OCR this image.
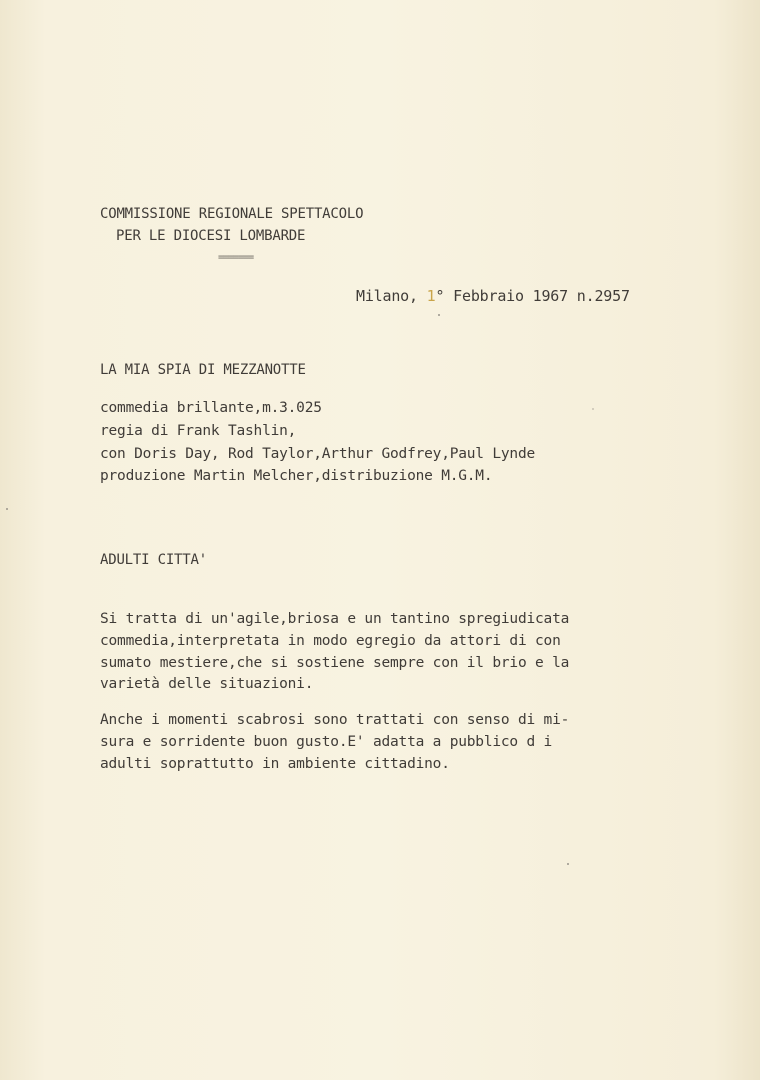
COMMISSIONE REGIONALE SPETTACOLO
PER LE DIOCESI LOMBARDE
=======
Milano, 1° Febbraio 1967 n.2957
LA MIA SPIA DI MEZZANOTTE
commedia brillante,m.3.025
regia di Frank Tashlin,
con Doris Day, Rod Taylor,Arthur Godfrey,Paul Lynde
produzione Martin Melcher,distribuzione M.G.M.
ADULTI CITTA'
Si tratta di un'agile,briosa e un tantino spregiudicata
commedia,interpretata in modo egregio da attori di con
sumato mestiere,che si sostiene sempre con il brio e la
varietà delle situazioni.
Anche i momenti scabrosi sono trattati con senso di mi-
sura e sorridente buon gusto.E' adatta a pubblico d i
adulti soprattutto in ambiente cittadino.
